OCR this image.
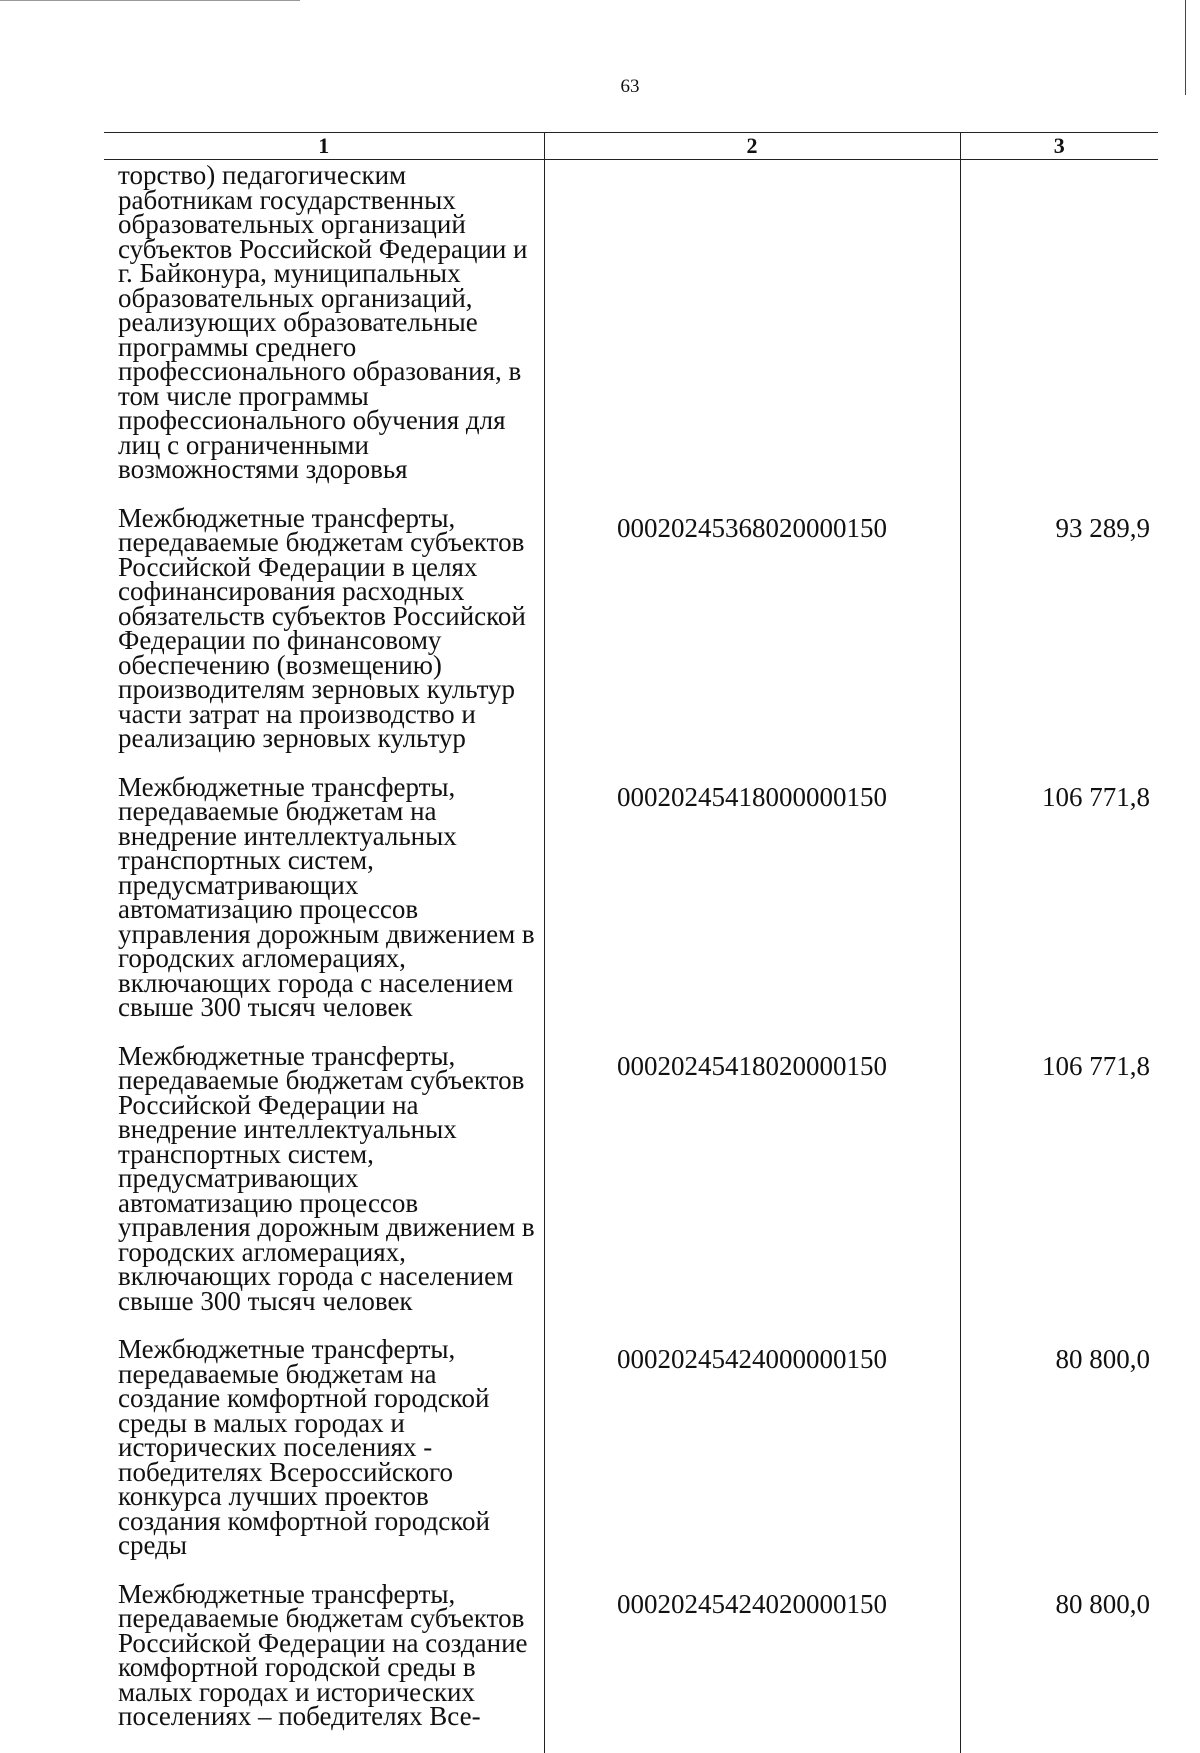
63
1	2	3

торство) педагогическим работникам государственных образовательных организаций субъектов Российской Федерации и г. Байконура, муниципальных образовательных организаций, реализующих образовательные программы среднего профессионального образования, в том числе программы профессионального обучения для лиц с ограниченными возможностями здоровья		

Межбюджетные трансферты, передаваемые бюджетам субъектов Российской Федерации в целях софинансирования расходных обязательств субъектов Российской Федерации по финансовому обеспечению (возмещению) производителям зерновых культур части затрат на производство и реализацию зерновых культур	00020245368020000150	93 289,9

Межбюджетные трансферты, передаваемые бюджетам на внедрение интеллектуальных транспортных систем, предусматривающих автоматизацию процессов управления дорожным движением в городских агломерациях, включающих города с населением свыше 300 тысяч человек	00020245418000000150	106 771,8

Межбюджетные трансферты, передаваемые бюджетам субъектов Российской Федерации на внедрение интеллектуальных транспортных систем, предусматривающих автоматизацию процессов управления дорожным движением в городских агломерациях, включающих города с населением свыше 300 тысяч человек	00020245418020000150	106 771,8

Межбюджетные трансферты, передаваемые бюджетам на создание комфортной городской среды в малых городах и исторических поселениях - победителях Всероссийского конкурса лучших проектов создания комфортной городской среды	00020245424000000150	80 800,0

Межбюджетные трансферты, передаваемые бюджетам субъектов Российской Федерации на создание комфортной городской среды в малых городах и исторических поселениях – победителях Все-	00020245424020000150	80 800,0
